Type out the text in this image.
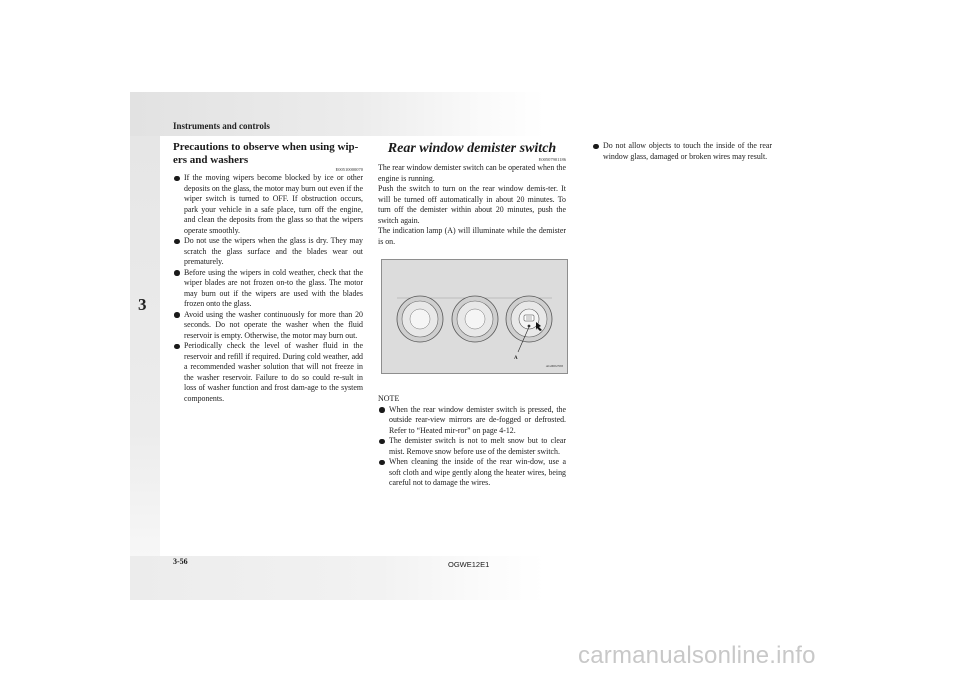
Instruments and controls
3
Precautions to observe when using wip-ers and washers
E00510000070
If the moving wipers become blocked by ice or other deposits on the glass, the motor may burn out even if the wiper switch is turned to OFF. If obstruction occurs, park your vehicle in a safe place, turn off the engine, and clean the deposits from the glass so that the wipers operate smoothly.
Do not use the wipers when the glass is dry. They may scratch the glass surface and the blades wear out prematurely.
Before using the wipers in cold weather, check that the wiper blades are not frozen on-to the glass. The motor may burn out if the wipers are used with the blades frozen onto the glass.
Avoid using the washer continuously for more than 20 seconds. Do not operate the washer when the fluid reservoir is empty. Otherwise, the motor may burn out.
Periodically check the level of washer fluid in the reservoir and refill if required. During cold weather, add a recommended washer solution that will not freeze in the washer reservoir. Failure to do so could re-sult in loss of washer function and frost dam-age to the system components.
Rear window demister switch
E00507901186

The rear window demister switch can be operated when the engine is running.

Push the switch to turn on the rear window demis-ter. It will be turned off automatically in about 20 minutes. To turn off the demister within about 20 minutes, push the switch again.

The indication lamp (A) will illuminate while the demister is on.

A
AG0002358
NOTE
When the rear window demister switch is pressed, the outside rear-view mirrors are de-fogged or defrosted. Refer to “Heated mir-ror” on page 4-12.
The demister switch is not to melt snow but to clear mist. Remove snow before use of the demister switch.
When cleaning the inside of the rear win-dow, use a soft cloth and wipe gently along the heater wires, being careful not to damage the wires.
Do not allow objects to touch the inside of the rear window glass, damaged or broken wires may result.
3-56	OGWE12E1
carmanualsonline.info
